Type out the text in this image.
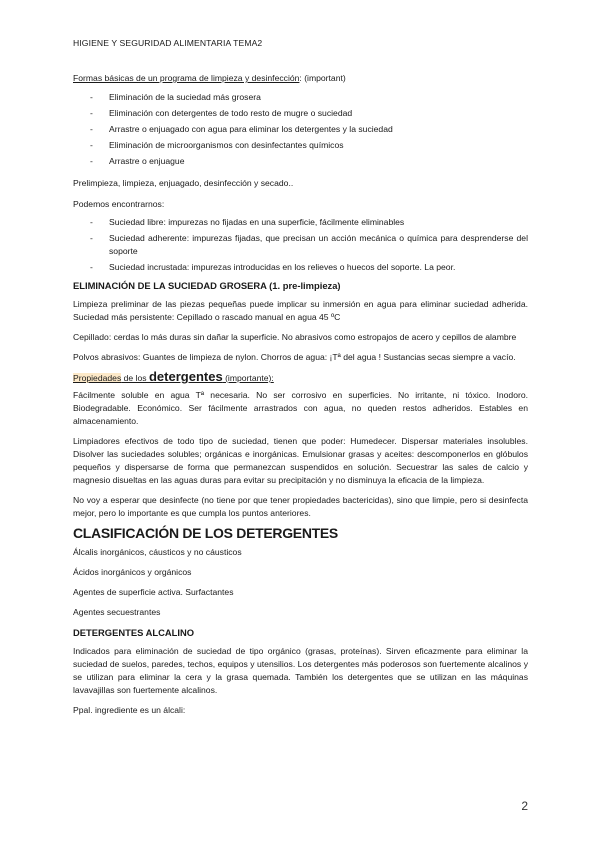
HIGIENE Y SEGURIDAD ALIMENTARIA TEMA2

Formas básicas de un programa de limpieza y desinfección: (important)

- Eliminación de la suciedad más grosera
- Eliminación con detergentes de todo resto de mugre o suciedad
- Arrastre o enjuagado con agua para eliminar los detergentes y la suciedad
- Eliminación de microorganismos con desinfectantes químicos
- Arrastre o enjuague

Prelimpieza, limpieza, enjuagado, desinfección y secado..

Podemos encontrarnos:

- Suciedad libre: impurezas no fijadas en una superficie, fácilmente eliminables
- Suciedad adherente: impurezas fijadas, que precisan un acción mecánica o química para desprenderse del soporte
- Suciedad incrustada: impurezas introducidas en los relieves o huecos del soporte. La peor.

ELIMINACIÓN DE LA SUCIEDAD GROSERA (1. pre-limpieza)

Limpieza preliminar de las piezas pequeñas puede implicar su inmersión en agua para eliminar suciedad adherida. Suciedad más persistente: Cepillado o rascado manual en agua 45 ºC

Cepillado: cerdas lo más duras sin dañar la superficie. No abrasivos como estropajos de acero y cepillos de alambre

Polvos abrasivos: Guantes de limpieza de nylon. Chorros de agua: ¡Tª del agua ! Sustancias secas siempre a vacío.

Propiedades de los detergentes (importante):

Fácilmente soluble en agua Tª necesaria. No ser corrosivo en superficies. No irritante, ni tóxico. Inodoro. Biodegradable. Económico. Ser fácilmente arrastrados con agua, no queden restos adheridos. Estables en almacenamiento.

Limpiadores efectivos de todo tipo de suciedad, tienen que poder: Humedecer. Dispersar materiales insolubles. Disolver las suciedades solubles; orgánicas e inorgánicas. Emulsionar grasas y aceites: descomponerlos en glóbulos pequeños y dispersarse de forma que permanezcan suspendidos en solución. Secuestrar las sales de calcio y magnesio disueltas en las aguas duras para evitar su precipitación y no disminuya la eficacia de la limpieza.

No voy a esperar que desinfecte (no tiene por que tener propiedades bactericidas), sino que limpie, pero si desinfecta mejor, pero lo importante es que cumpla los puntos anteriores.

CLASIFICACIÓN DE LOS DETERGENTES

Álcalis inorgánicos, cáusticos y no cáusticos

Ácidos inorgánicos y orgánicos

Agentes de superficie activa. Surfactantes

Agentes secuestrantes

DETERGENTES ALCALINO

Indicados para eliminación de suciedad de tipo orgánico (grasas, proteínas). Sirven eficazmente para eliminar la suciedad de suelos, paredes, techos, equipos y utensilios. Los detergentes más poderosos son fuertemente alcalinos y se utilizan para eliminar la cera y la grasa quemada. También los detergentes que se utilizan en las máquinas lavavajillas son fuertemente alcalinos.

Ppal. ingrediente es un álcali:

2
